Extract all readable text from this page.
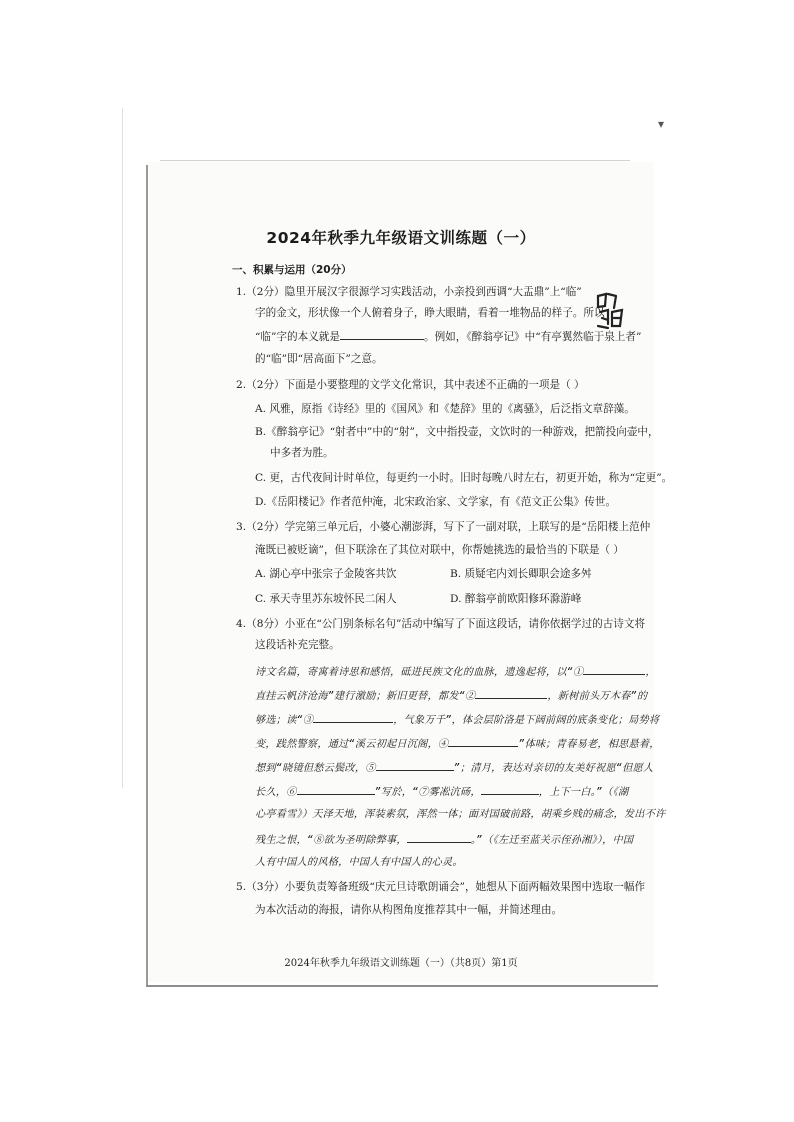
▾
2024年秋季九年级语文训练题（一）
一、积累与运用（20分）
1.（2分）隐里开展汉字很源学习实践活动，小亲投到西调“大盂鼎”上“临”
字的金文，形状像一个人俯着身子，睁大眼睛，看着一堆物品的样子。所以
“临”字的本义就是	。例如，《醉翁亭记》中“有亭翼然临于泉上者”
的“临”即“居高面下”之意。
2.（2分）下面是小要整理的文学文化常识，其中表述不正确的一项是（ ）
A. 风雅，原指《诗经》里的《国风》和《楚辞》里的《离骚》，后泛指文章辞藻。
B.《醉翁亭记》“射者中”中的“射”，文中指投壶，文饮时的一种游戏，把箭投向壶中，
中多者为胜。
C. 更，古代夜间计时单位，每更约一小时。旧时每晚八时左右，初更开始，称为“定更”。
D.《岳阳楼记》作者范仲淹，北宋政治家、文学家，有《范文正公集》传世。
3.（2分）学完第三单元后，小婆心潮澎湃，写下了一副对联，上联写的是“岳阳楼上范仲
淹既已被贬谪”，但下联涂在了其位对联中，你帮她挑选的最恰当的下联是（ ）
A. 湖心亭中张宗子金陵客共饮	B. 质疑宅内刘长卿职会途多舛
C. 承天寺里苏东坡怀民二闲人	D. 醉翁亭前欧阳修环滁游峰
4.（8分）小亚在“公门别条标名句”活动中编写了下面这段话，请你依据学过的古诗文将
这段话补充完整。
诗文名篇，寄寓着诗思和感悟，砥进民族文化的血脉，遗逸起将，以“①	，
直挂云帆济沧海”建行激励；新旧更替，都发“②	，新树前头万木春”的
够选；读“③	，气象万千”，体会层阶洛是下阔前阔的底条变化；局势将
变，践然警察，通过“溪云初起日沉阁，④	”体味；青春易老，相思悬着，
想到“晓镜但愁云鬓改，⑤	”；清月，表达对亲切的友美好祝愿“但愿人
长久，⑥	”写於，“⑦雾凇沆砀，	，上下一白。”（《湖
心亭看雪》）天泽天地，浑装素氛，浑然一体；面对国破前路，胡乘乡贱的痛念，发出不许
残生之恨，“⑧欲为圣明除弊事，	。”（《左迁至蓝关示侄孙湘》），中国
人有中国人的风格，中国人有中国人的心灵。
5.（3分）小要负责筹备班级“庆元旦诗歌朗诵会”，她想从下面两幅效果图中选取一幅作
为本次活动的海报，请你从构图角度推荐其中一幅，并简述理由。
2024年秋季九年级语文训练题（一）（共8页）第1页
